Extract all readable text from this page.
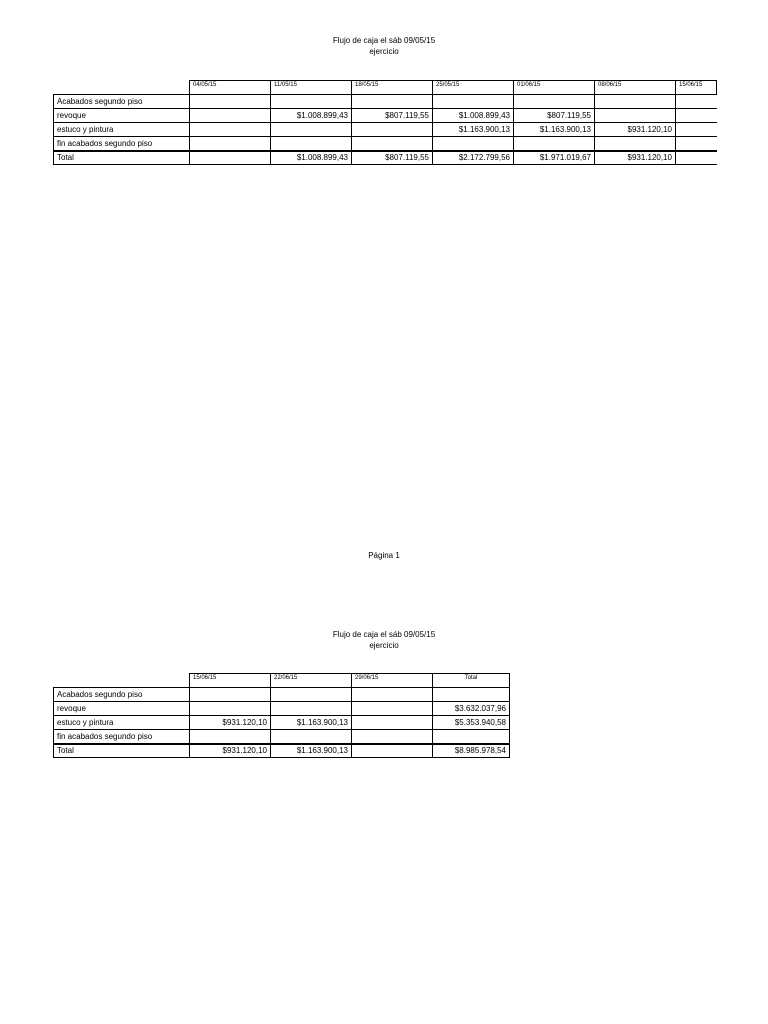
Flujo de caja el sáb 09/05/15
ejercicio
	04/05/15	11/05/15	18/05/15	25/05/15	01/06/15	08/06/15	15/06/15
Acabados segundo piso							
revoque		$1.008.899,43	$807.119,55	$1.008.899,43	$807.119,55		
estuco y pintura				$1.163.900,13	$1.163.900,13	$931.120,10	
fin acabados segundo piso							
Total		$1.008.899,43	$807.119,55	$2.172.799,56	$1.971.019,67	$931.120,10	
Página 1
Flujo de caja el sáb 09/05/15
ejercicio
	15/06/15	22/06/15	29/06/15	Total
Acabados segundo piso				
revoque				$3.632.037,96
estuco y pintura	$931.120,10	$1.163.900,13		$5.353.940,58
fin acabados segundo piso				
Total	$931.120,10	$1.163.900,13		$8.985.978,54
